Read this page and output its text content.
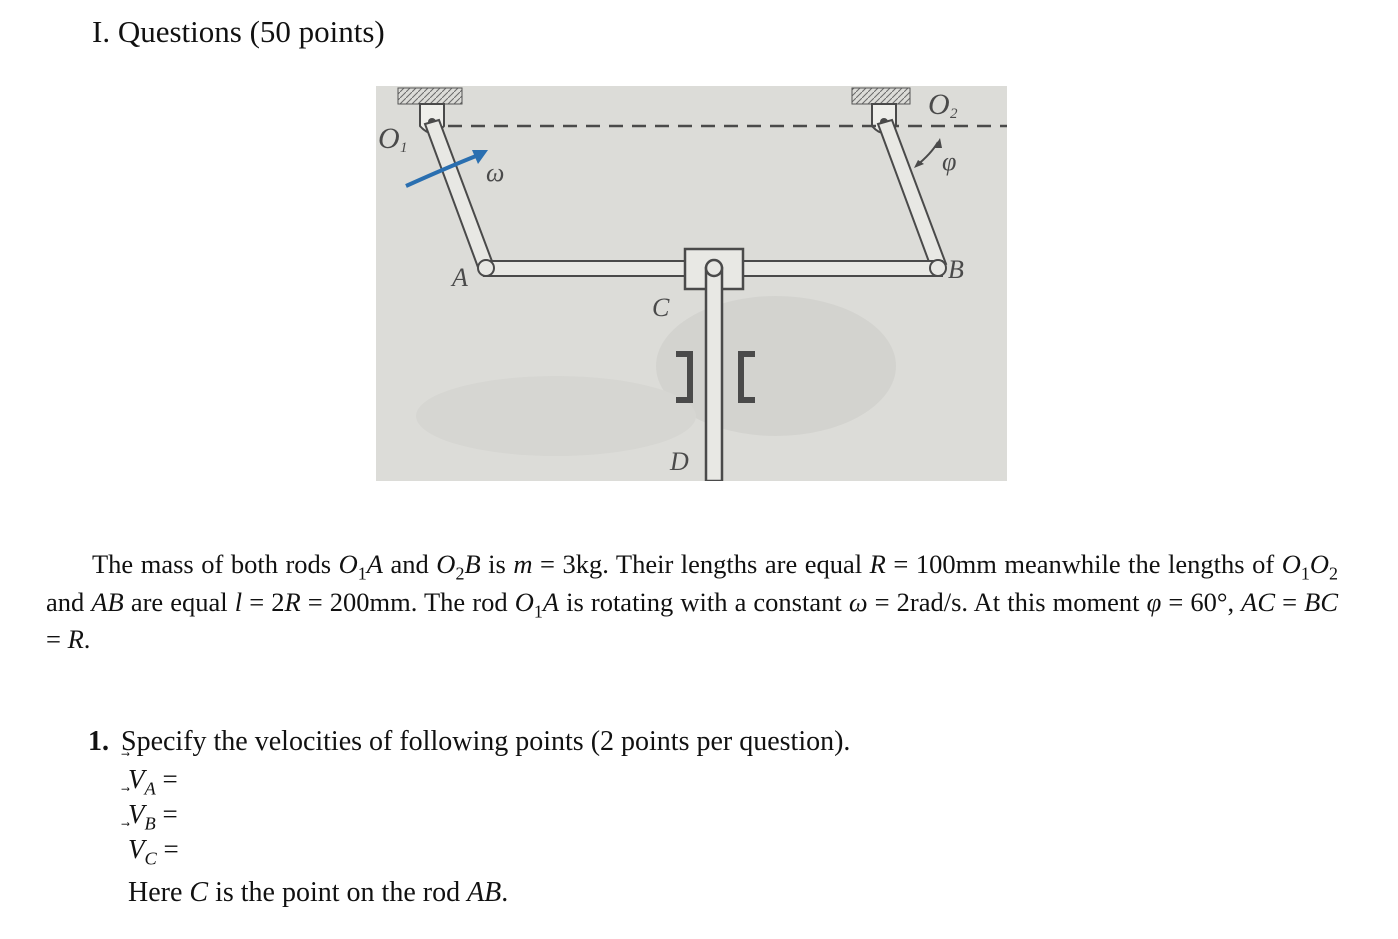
I. Questions (50 points)
O 1
O 2
ω	φ
A	B
C
D

The mass of both rods $O_1A$ and $O_2B$ is m = 3kg. Their lengths are equal R = 100mm meanwhile the lengths of $O_1O_2$ and AB are equal l = 2R = 200mm. The rod $O_1A$ is rotating with a constant ω = 2rad/s. At this moment φ = 60°, AC = BC = R.

1. Specify the velocities of following points (2 points per question).
$V_A$ =
$V_B$ =
$V_C$ =
Here C is the point on the rod AB.
